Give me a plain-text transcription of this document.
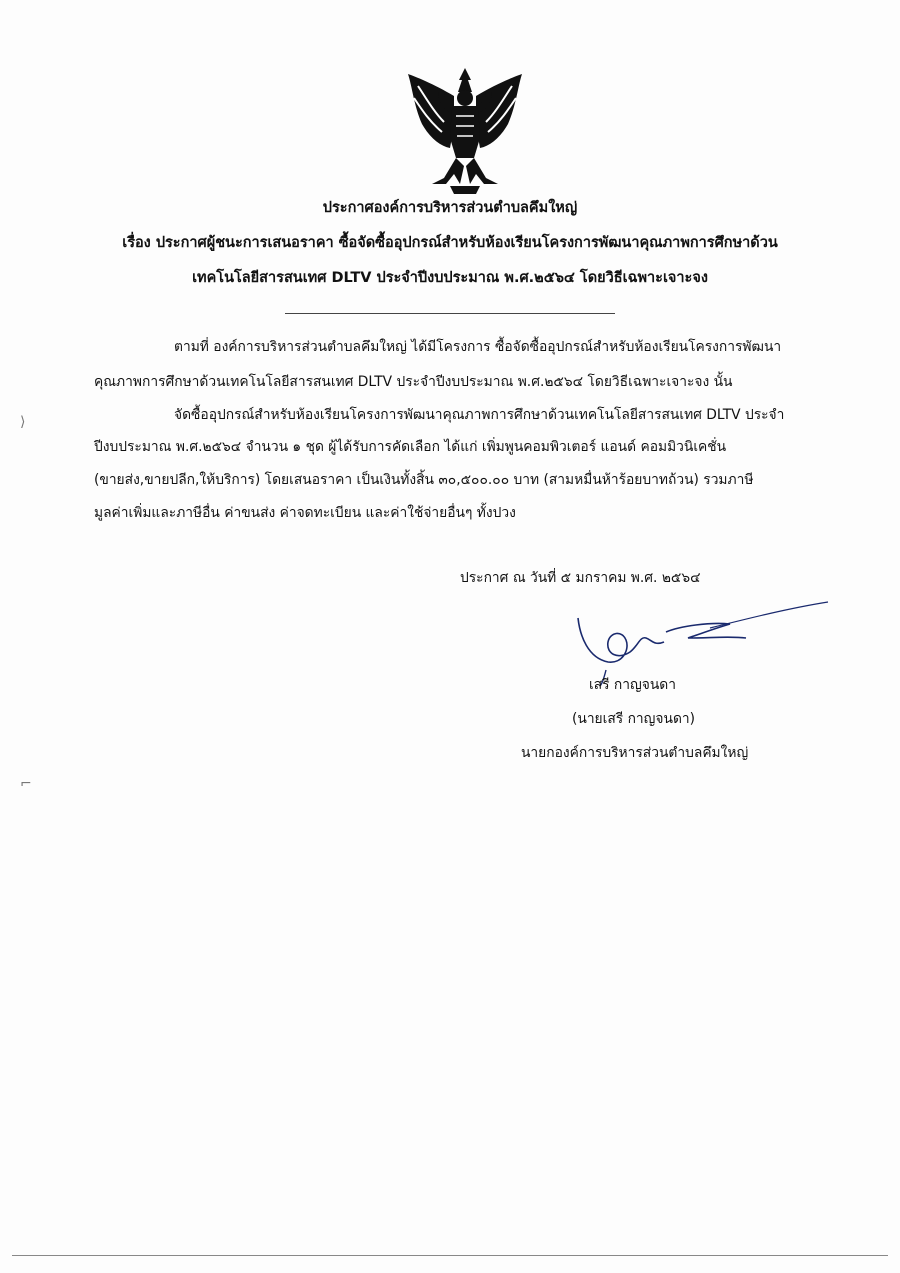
ประกาศองค์การบริหารส่วนตำบลคึมใหญ่
เรื่อง ประกาศผู้ชนะการเสนอราคา ซื้อจัดซื้ออุปกรณ์สำหรับห้องเรียนโครงการพัฒนาคุณภาพการศึกษาด้วน
เทคโนโลยีสารสนเทศ DLTV ประจำปีงบประมาณ พ.ศ.๒๕๖๔ โดยวิธีเฉพาะเจาะจง
ตามที่ องค์การบริหารส่วนตำบลคึมใหญ่ ได้มีโครงการ ซื้อจัดซื้ออุปกรณ์สำหรับห้องเรียนโครงการพัฒนา
คุณภาพการศึกษาด้วนเทคโนโลยีสารสนเทศ DLTV ประจำปีงบประมาณ พ.ศ.๒๕๖๔ โดยวิธีเฉพาะเจาะจง นั้น
จัดซื้ออุปกรณ์สำหรับห้องเรียนโครงการพัฒนาคุณภาพการศึกษาด้วนเทคโนโลยีสารสนเทศ DLTV ประจำ
ปีงบประมาณ พ.ศ.๒๕๖๔ จำนวน ๑ ชุด ผู้ได้รับการคัดเลือก ได้แก่ เพิ่มพูนคอมพิวเตอร์ แอนด์ คอมมิวนิเคชั่น
(ขายส่ง,ขายปลีก,ให้บริการ) โดยเสนอราคา เป็นเงินทั้งสิ้น ๓๐,๕๐๐.๐๐ บาท (สามหมื่นห้าร้อยบาทถ้วน) รวมภาษี
มูลค่าเพิ่มและภาษีอื่น ค่าขนส่ง ค่าจดทะเบียน และค่าใช้จ่ายอื่นๆ ทั้งปวง
ประกาศ ณ วันที่ ๕ มกราคม พ.ศ. ๒๕๖๔
เสรี กาญจนดา
(นายเสรี กาญจนดา)
นายกองค์การบริหารส่วนตำบลคึมใหญ่
⟩
⌐
